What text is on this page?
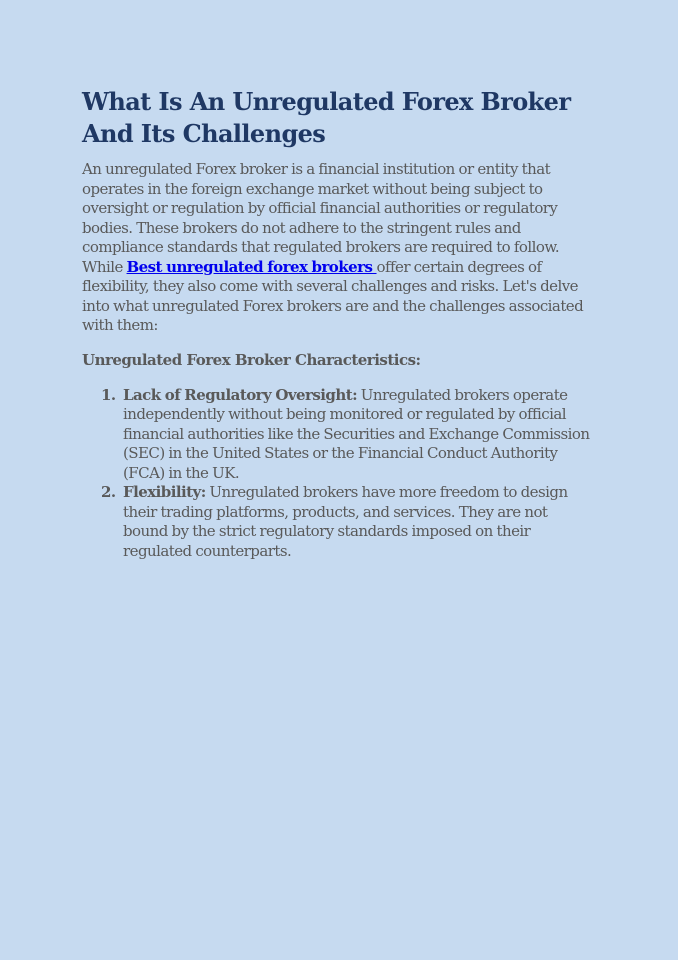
What Is An Unregulated Forex Broker And Its Challenges

An unregulated Forex broker is a financial institution or entity that operates in the foreign exchange market without being subject to oversight or regulation by official financial authorities or regulatory bodies. These brokers do not adhere to the stringent rules and compliance standards that regulated brokers are required to follow. While Best unregulated forex brokers offer certain degrees of flexibility, they also come with several challenges and risks. Let's delve into what unregulated Forex brokers are and the challenges associated with them:

Unregulated Forex Broker Characteristics:
1. Lack of Regulatory Oversight: Unregulated brokers operate independently without being monitored or regulated by official financial authorities like the Securities and Exchange Commission (SEC) in the United States or the Financial Conduct Authority (FCA) in the UK.
2. Flexibility: Unregulated brokers have more freedom to design their trading platforms, products, and services. They are not bound by the strict regulatory standards imposed on their regulated counterparts.
